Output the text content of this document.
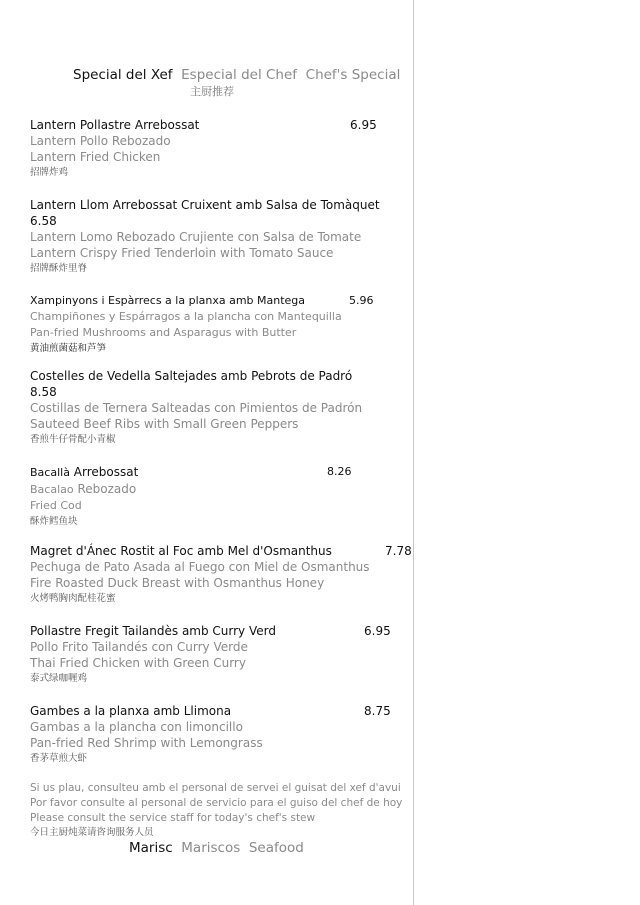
Special del Xef Especial del Chef Chef's Special
主厨推荐
Lantern Pollastre Arrebossat
Lantern Pollo Rebozado
Lantern Fried Chicken
招牌炸鸡
6.95
Lantern Llom Arrebossat Cruixent amb Salsa de Tomàquet
6.58
Lantern Lomo Rebozado Crujiente con Salsa de Tomate
Lantern Crispy Fried Tenderloin with Tomato Sauce
招牌酥炸里脊
Xampinyons i Espàrrecs a la planxa amb Mantega
Champiñones y Espárragos a la plancha con Mantequilla
Pan-fried Mushrooms and Asparagus with Butter
黄油煎菌菇和芦笋
5.96
Costelles de Vedella Saltejades amb Pebrots de Padró
8.58
Costillas de Ternera Salteadas con Pimientos de Padrón
Sauteed Beef Ribs with Small Green Peppers
香煎牛仔骨配小青椒
Bacallà Arrebossat
Bacalao Rebozado
Fried Cod
酥炸鳕鱼块
8.26
Magret d'Ánec Rostit al Foc amb Mel d'Osmanthus
Pechuga de Pato Asada al Fuego con Miel de Osmanthus
Fire Roasted Duck Breast with Osmanthus Honey
火烤鸭胸肉配桂花蜜
7.78
Pollastre Fregit Tailandès amb Curry Verd
Pollo Frito Tailandés con Curry Verde
Thai Fried Chicken with Green Curry
泰式绿咖喱鸡
6.95
Gambes a la planxa amb Llimona
Gambas a la plancha con limoncillo
Pan-fried Red Shrimp with Lemongrass
香茅草煎大虾
8.75
Si us plau, consulteu amb el personal de servei el guisat del xef d'avui
Por favor consulte al personal de servicio para el guiso del chef de hoy
Please consult the service staff for today's chef's stew
今日主厨炖菜请咨询服务人员
Marisc Mariscos Seafood
